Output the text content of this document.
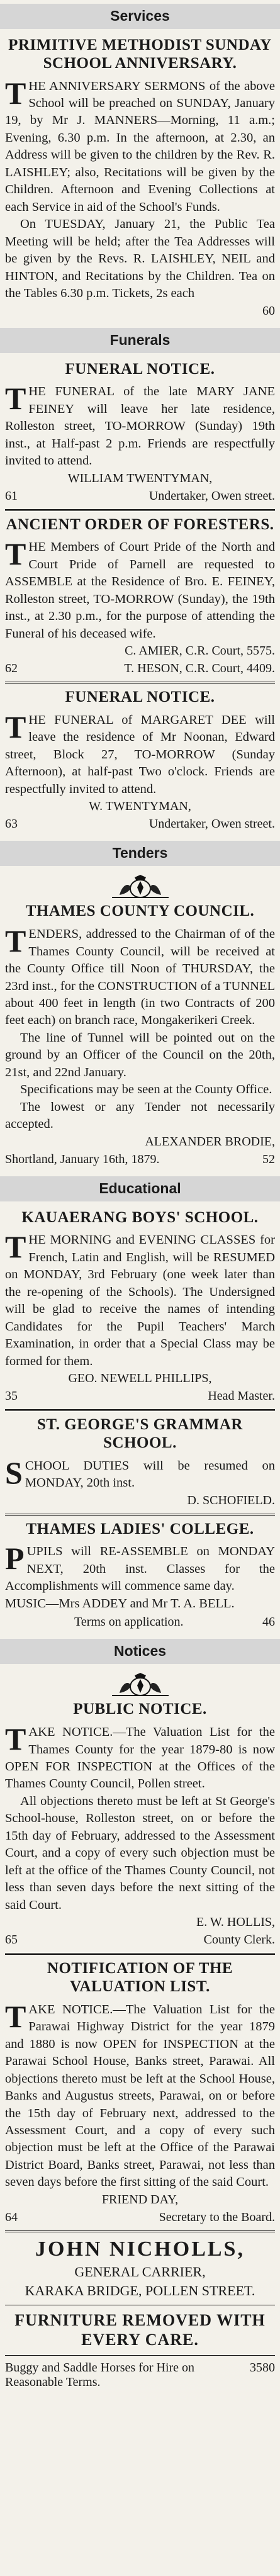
Services
PRIMITIVE METHODIST SUNDAY SCHOOL ANNIVERSARY.

THE ANNIVERSARY SERMONS of the above School will be preached on SUNDAY, January 19, by Mr J. MANNERS—Morning, 11 a.m.; Evening, 6.30 p.m. In the afternoon, at 2.30, an Address will be given to the children by the Rev. R. LAISHLEY; also, Recitations will be given by the Children. Afternoon and Evening Collections at each Service in aid of the School's Funds.

On TUESDAY, January 21, the Public Tea Meeting will be held; after the Tea Addresses will be given by the Revs. R. LAISHLEY, NEIL and HINTON, and Recitations by the Children. Tea on the Tables 6.30 p.m. Tickets, 2s each

60
Funerals
FUNERAL NOTICE.

THE FUNERAL of the late MARY JANE FEINEY will leave her late residence, Rolleston street, TO-MORROW (Sunday) 19th inst., at Half-past 2 p.m. Friends are respectfully invited to attend.

WILLIAM TWENTYMAN,
61	Undertaker, Owen street.
ANCIENT ORDER OF FORESTERS.

THE Members of Court Pride of the North and Court Pride of Parnell are requested to ASSEMBLE at the Residence of Bro. E. FEINEY, Rolleston street, TO-MORROW (Sunday), the 19th inst., at 2.30 p.m., for the purpose of attending the Funeral of his deceased wife.

C. AMIER, C.R. Court, 5575.
62	T. HESON, C.R. Court, 4409.
FUNERAL NOTICE.

THE FUNERAL of MARGARET DEE will leave the residence of Mr Noonan, Edward street, Block 27, TO-MORROW (Sunday Afternoon), at half-past Two o'clock. Friends are respectfully invited to attend.

W. TWENTYMAN,
63	Undertaker, Owen street.
Tenders
THAMES COUNTY COUNCIL.

TENDERS, addressed to the Chairman of of the Thames County Council, will be received at the County Office till Noon of THURSDAY, the 23rd inst., for the CONSTRUCTION of a TUNNEL about 400 feet in length (in two Contracts of 200 feet each) on branch race, Mongakerikeri Creek.

The line of Tunnel will be pointed out on the ground by an Officer of the Council on the 20th, 21st, and 22nd January.

Specifications may be seen at the County Office.

The lowest or any Tender not necessarily accepted.

ALEXANDER BRODIE,
Shortland, January 16th, 1879.	52
Educational
KAUAERANG BOYS' SCHOOL.

THE MORNING and EVENING CLASSES for French, Latin and English, will be RESUMED on MONDAY, 3rd February (one week later than the re-opening of the Schools). The Undersigned will be glad to receive the names of intending Candidates for the Pupil Teachers' March Examination, in order that a Special Class may be formed for them.

GEO. NEWELL PHILLIPS,
35	Head Master.
ST. GEORGE'S GRAMMAR SCHOOL.

SCHOOL DUTIES will be resumed on MONDAY, 20th inst.

D. SCHOFIELD.
THAMES LADIES' COLLEGE.

PUPILS will RE-ASSEMBLE on MONDAY NEXT, 20th inst. Classes for the Accomplishments will commence same day.

MUSIC—Mrs ADDEY and Mr T. A. BELL.

Terms on application.	46
Notices
PUBLIC NOTICE.

TAKE NOTICE.—The Valuation List for the Thames County for the year 1879-80 is now OPEN FOR INSPECTION at the Offices of the Thames County Council, Pollen street.

All objections thereto must be left at St George's School-house, Rolleston street, on or before the 15th day of February, addressed to the Assessment Court, and a copy of every such objection must be left at the office of the Thames County Council, not less than seven days before the next sitting of the said Court.

E. W. HOLLIS,
65	County Clerk.
NOTIFICATION OF THE VALUATION LIST.

TAKE NOTICE.—The Valuation List for the Parawai Highway District for the year 1879 and 1880 is now OPEN for INSPECTION at the Parawai School House, Banks street, Parawai. All objections thereto must be left at the School House, Banks and Augustus streets, Parawai, on or before the 15th day of February next, addressed to the Assessment Court, and a copy of every such objection must be left at the Office of the Parawai District Board, Banks street, Parawai, not less than seven days before the first sitting of the said Court.

FRIEND DAY,
64	Secretary to the Board.
JOHN NICHOLLS,
GENERAL CARRIER,
KARAKA BRIDGE, POLLEN STREET.
FURNITURE REMOVED WITH EVERY CARE.
Buggy and Saddle Horses for Hire on Reasonable Terms.
3580
